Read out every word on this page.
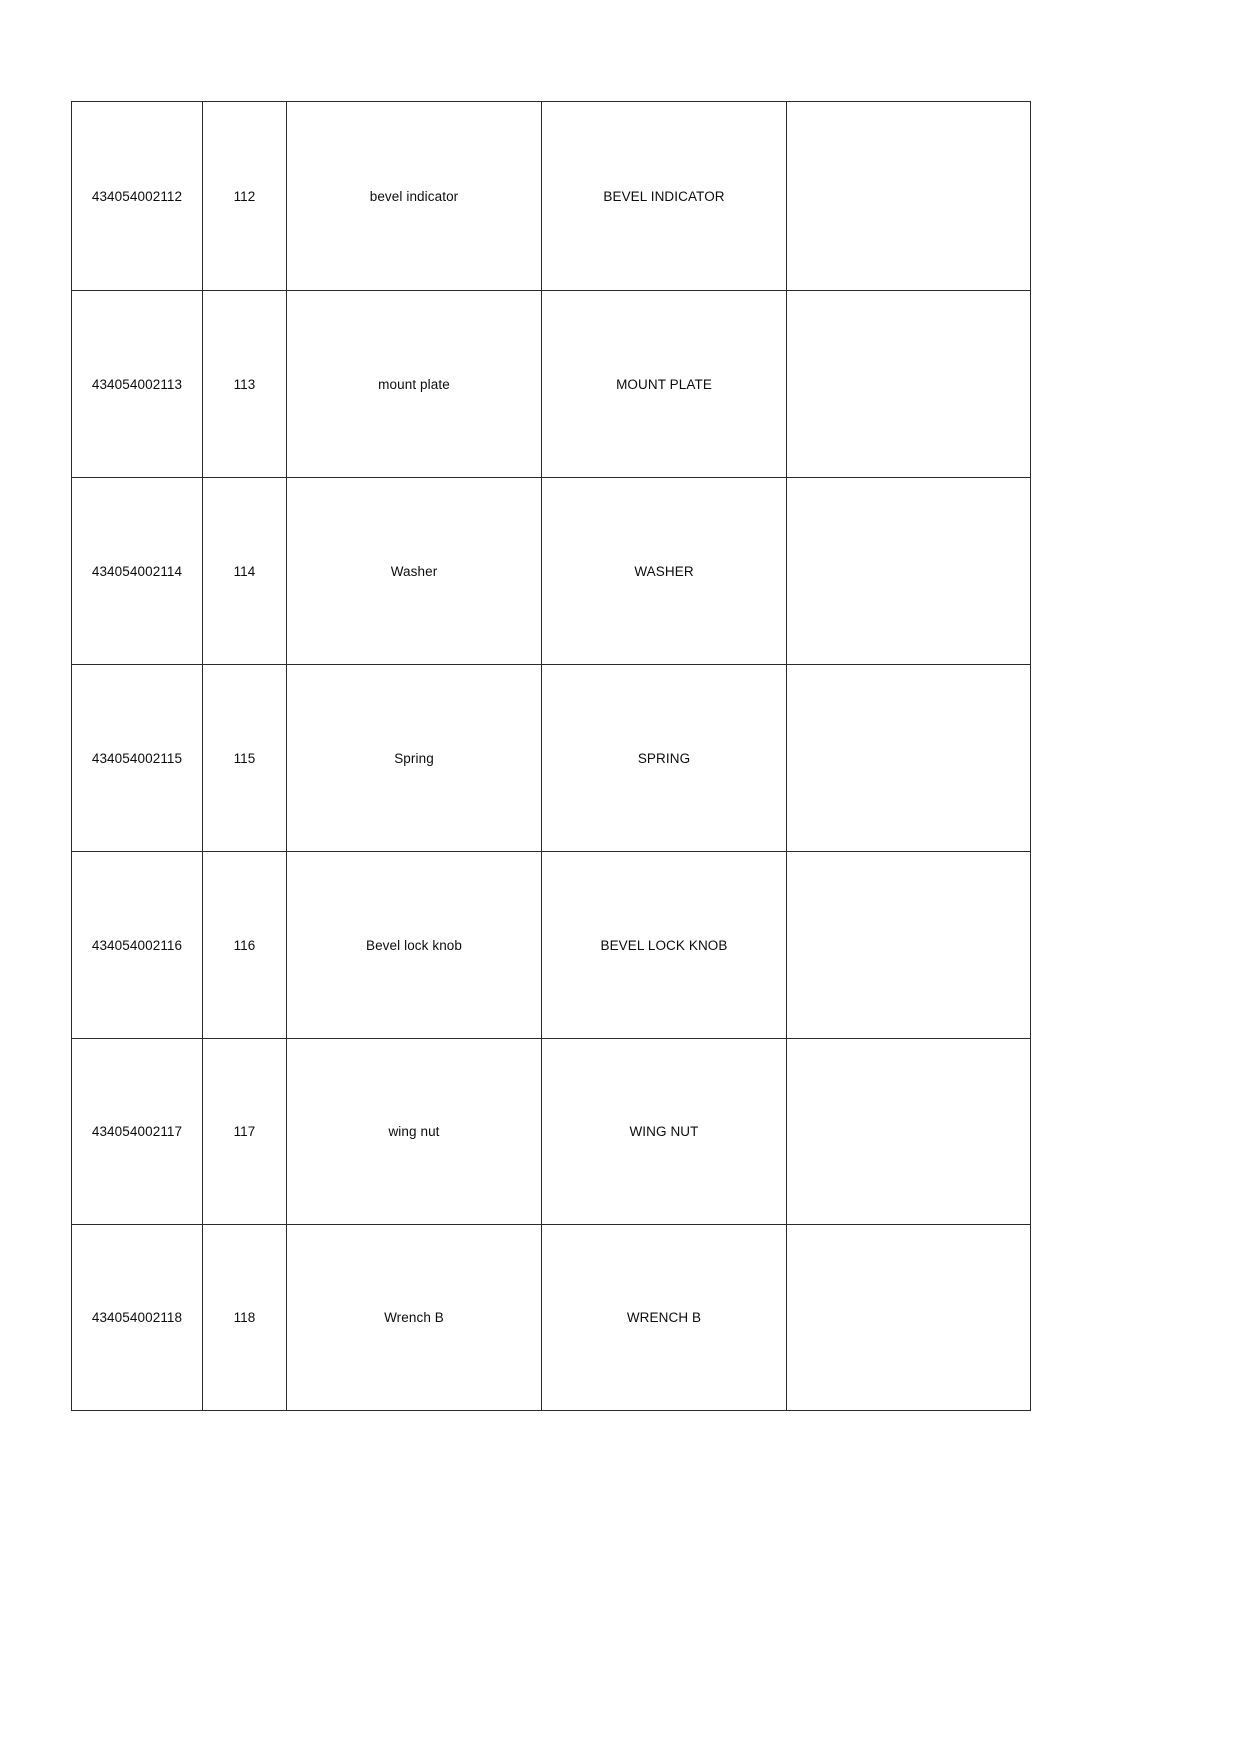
434054002112	112	bevel indicator	BEVEL INDICATOR	

434054002113	113	mount plate	MOUNT PLATE	

434054002114	114	Washer	WASHER	

434054002115	115	Spring	SPRING	

434054002116	116	Bevel lock knob	BEVEL LOCK KNOB	

434054002117	117	wing nut	WING NUT	

434054002118	118	Wrench B	WRENCH B	
